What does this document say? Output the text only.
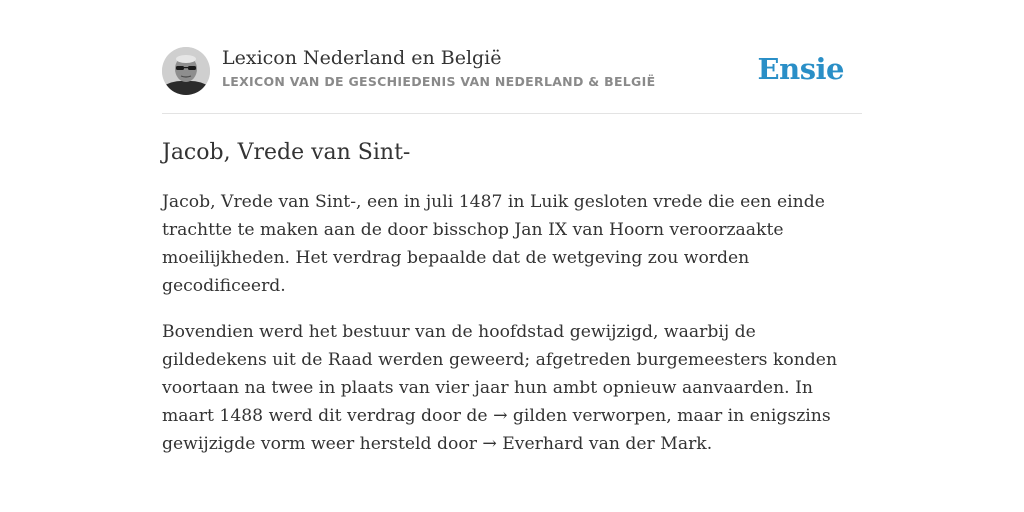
Lexicon Nederland en België
LEXICON VAN DE GESCHIEDENIS VAN NEDERLAND & BELGIË	Ensie
Jacob, Vrede van Sint-

Jacob, Vrede van Sint-, een in juli 1487 in Luik gesloten vrede die een einde trachtte te maken aan de door bisschop Jan IX van Hoorn veroorzaakte moeilijkheden. Het verdrag bepaalde dat de wetgeving zou worden gecodificeerd.

Bovendien werd het bestuur van de hoofdstad gewijzigd, waarbij de gildedekens uit de Raad werden geweerd; afgetreden burgemeesters konden voortaan na twee in plaats van vier jaar hun ambt opnieuw aanvaarden. In maart 1488 werd dit verdrag door de → gilden verworpen, maar in enigszins gewijzigde vorm weer hersteld door → Everhard van der Mark.
